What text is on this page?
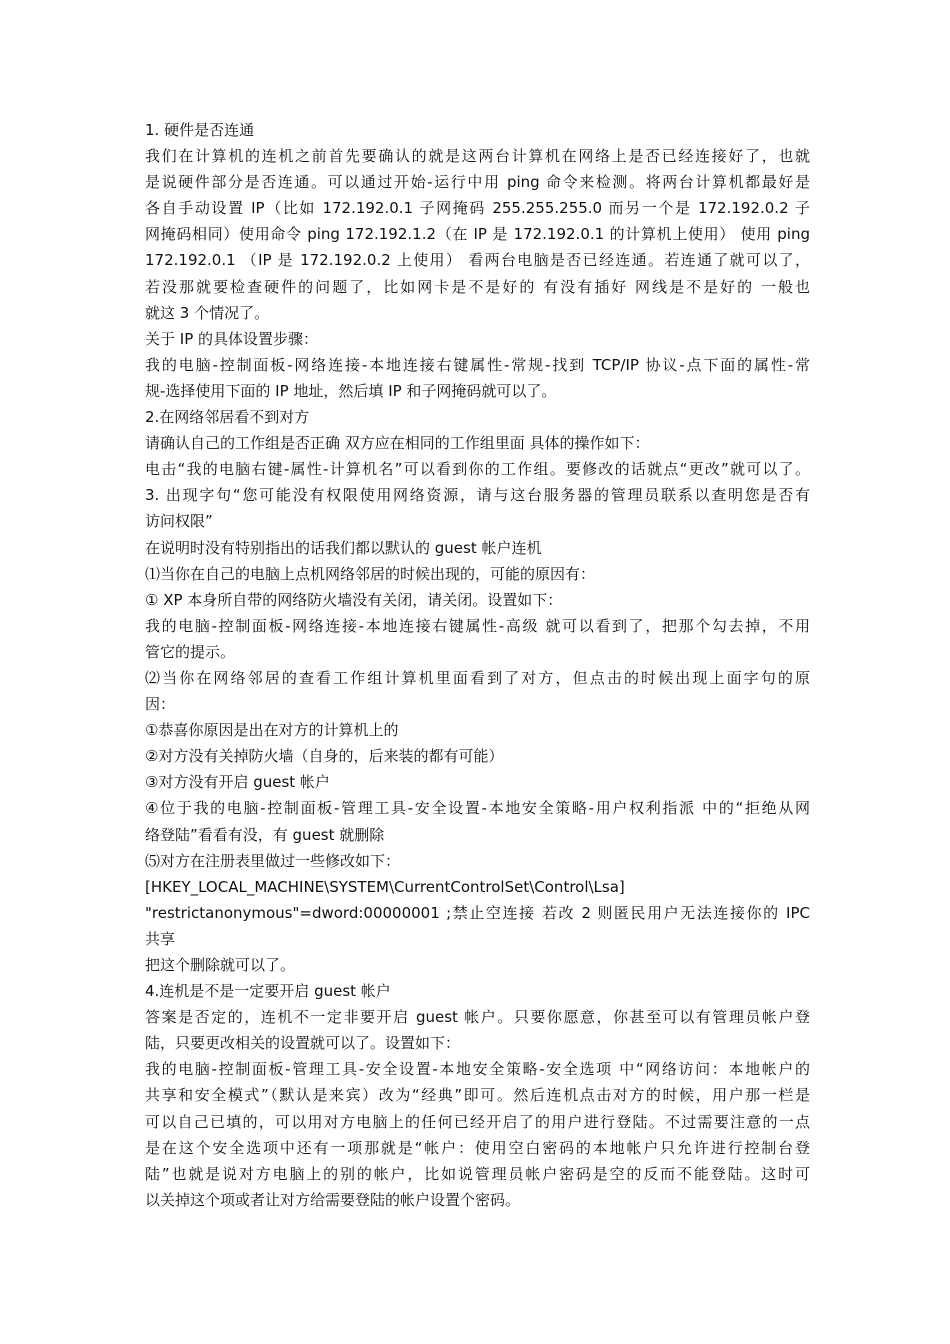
1. 硬件是否连通
我们在计算机的连机之前首先要确认的就是这两台计算机在网络上是否已经连接好了，也就
是说硬件部分是否连通。可以通过开始-运行中用 ping 命令来检测。将两台计算机都最好是
各自手动设置 IP（比如 172.192.0.1 子网掩码 255.255.255.0 而另一个是 172.192.0.2 子
网掩码相同）使用命令 ping 172.192.1.2（在 IP 是 172.192.0.1 的计算机上使用） 使用 ping
172.192.0.1 （IP 是 172.192.0.2 上使用） 看两台电脑是否已经连通。若连通了就可以了，
若没那就要检查硬件的问题了，比如网卡是不是好的 有没有插好 网线是不是好的 一般也
就这 3 个情况了。
关于 IP 的具体设置步骤：
我的电脑-控制面板-网络连接-本地连接右键属性-常规-找到 TCP/IP 协议-点下面的属性-常
规-选择使用下面的 IP 地址，然后填 IP 和子网掩码就可以了。
2.在网络邻居看不到对方
请确认自己的工作组是否正确 双方应在相同的工作组里面 具体的操作如下：
电击“我的电脑右键-属性-计算机名”可以看到你的工作组。要修改的话就点“更改”就可以了。
3. 出现字句“您可能没有权限使用网络资源，请与这台服务器的管理员联系以查明您是否有
访问权限”
在说明时没有特别指出的话我们都以默认的 guest 帐户连机
⑴当你在自己的电脑上点机网络邻居的时候出现的，可能的原因有：
① XP 本身所自带的网络防火墙没有关闭，请关闭。设置如下：
我的电脑-控制面板-网络连接-本地连接右键属性-高级 就可以看到了，把那个勾去掉，不用
管它的提示。
⑵当你在网络邻居的查看工作组计算机里面看到了对方，但点击的时候出现上面字句的原
因：
①恭喜你原因是出在对方的计算机上的
②对方没有关掉防火墙（自身的，后来装的都有可能）
③对方没有开启 guest 帐户
④位于我的电脑-控制面板-管理工具-安全设置-本地安全策略-用户权利指派 中的“拒绝从网
络登陆”看看有没，有 guest 就删除
⑸对方在注册表里做过一些修改如下：
[HKEY_LOCAL_MACHINE\SYSTEM\CurrentControlSet\Control\Lsa]
"restrictanonymous"=dword:00000001 ;禁止空连接 若改 2 则匿民用户无法连接你的 IPC
共享
把这个删除就可以了。
4.连机是不是一定要开启 guest 帐户
答案是否定的，连机不一定非要开启 guest 帐户。只要你愿意，你甚至可以有管理员帐户登
陆，只要更改相关的设置就可以了。设置如下：
我的电脑-控制面板-管理工具-安全设置-本地安全策略-安全选项 中“网络访问：本地帐户的
共享和安全模式”（默认是来宾）改为“经典”即可。然后连机点击对方的时候，用户那一栏是
可以自己已填的，可以用对方电脑上的任何已经开启了的用户进行登陆。不过需要注意的一点
是在这个安全选项中还有一项那就是“帐户：使用空白密码的本地帐户只允许进行控制台登
陆”也就是说对方电脑上的别的帐户，比如说管理员帐户密码是空的反而不能登陆。这时可
以关掉这个项或者让对方给需要登陆的帐户设置个密码。
